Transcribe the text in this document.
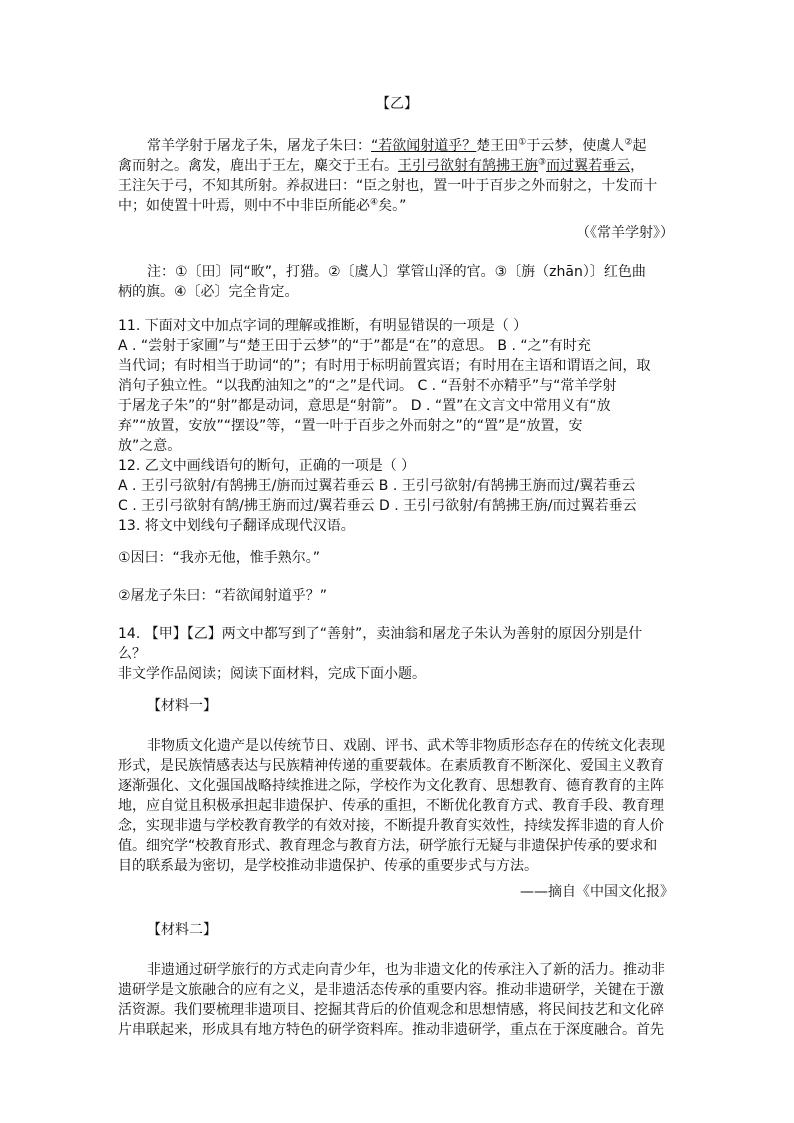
【乙】
常羊学射于屠龙子朱，屠龙子朱曰：“若欲闻射道乎？楚王田①于云梦，使虞人②起
禽而射之。禽发，鹿出于王左，麋交于王右。王引弓欲射有鹄拂王旃③而过翼若垂云，
王注矢于弓，不知其所射。养叔进曰：“臣之射也，置一叶于百步之外而射之，十发而十
中；如使置十叶焉，则中不中非臣所能必④矣。”
（《常羊学射》）
注：①〔田〕同“畋”，打猎。②〔虞人〕掌管山泽的官。③〔旃（zhān）〕红色曲
柄的旗。④〔必〕完全肯定。
11. 下面对文中加点字词的理解或推断，有明显错误的一项是（ ）
A . “尝射于家圃”与“楚王田于云梦”的“于”都是“在”的意思。 B . “之”有时充
当代词；有时相当于助词“的”；有时用于标明前置宾语；有时用在主语和谓语之间，取
消句子独立性。“以我酌油知之”的“之”是代词。 C . “吾射不亦精乎”与“常羊学射
于屠龙子朱”的“射”都是动词，意思是“射箭”。 D . “置”在文言文中常用义有“放
弃”“放置，安放”“摆设”等，“置一叶于百步之外而射之”的“置”是“放置，安
放”之意。
12. 乙文中画线语句的断句，正确的一项是（ ）
A . 王引弓欲射/有鹄拂王/旃而过翼若垂云 B . 王引弓欲射/有鹄拂王旃而过/翼若垂云
C . 王引弓欲射有鹄/拂王旃而过/翼若垂云 D . 王引弓欲射/有鹄拂王旃/而过翼若垂云
13. 将文中划线句子翻译成现代汉语。
①因曰：“我亦无他，惟手熟尔。”
②屠龙子朱曰：“若欲闻射道乎？”
14. 【甲】【乙】两文中都写到了“善射”，卖油翁和屠龙子朱认为善射的原因分别是什
么？
非文学作品阅读；阅读下面材料，完成下面小题。
【材料一】
非物质文化遗产是以传统节日、戏剧、评书、武术等非物质形态存在的传统文化表现
形式，是民族情感表达与民族精神传递的重要载体。在素质教育不断深化、爱国主义教育
逐渐强化、文化强国战略持续推进之际，学校作为文化教育、思想教育、德育教育的主阵
地，应自觉且积极承担起非遗保护、传承的重担，不断优化教育方式、教育手段、教育理
念，实现非遗与学校教育教学的有效对接，不断提升教育实效性，持续发挥非遗的育人价
值。细究学“校教育形式、教育理念与教育方法，研学旅行无疑与非遗保护传承的要求和
目的联系最为密切，是学校推动非遗保护、传承的重要步式与方法。
——摘自《中国文化报》
【材料二】
非遗通过研学旅行的方式走向青少年，也为非遗文化的传承注入了新的活力。推动非
遗研学是文旅融合的应有之义，是非遗活态传承的重要内容。推动非遗研学，关键在于激
活资源。我们要梳理非遗项目、挖掘其背后的价值观念和思想情感，将民间技艺和文化碎
片串联起来，形成具有地方特色的研学资料库。推动非遗研学，重点在于深度融合。首先
